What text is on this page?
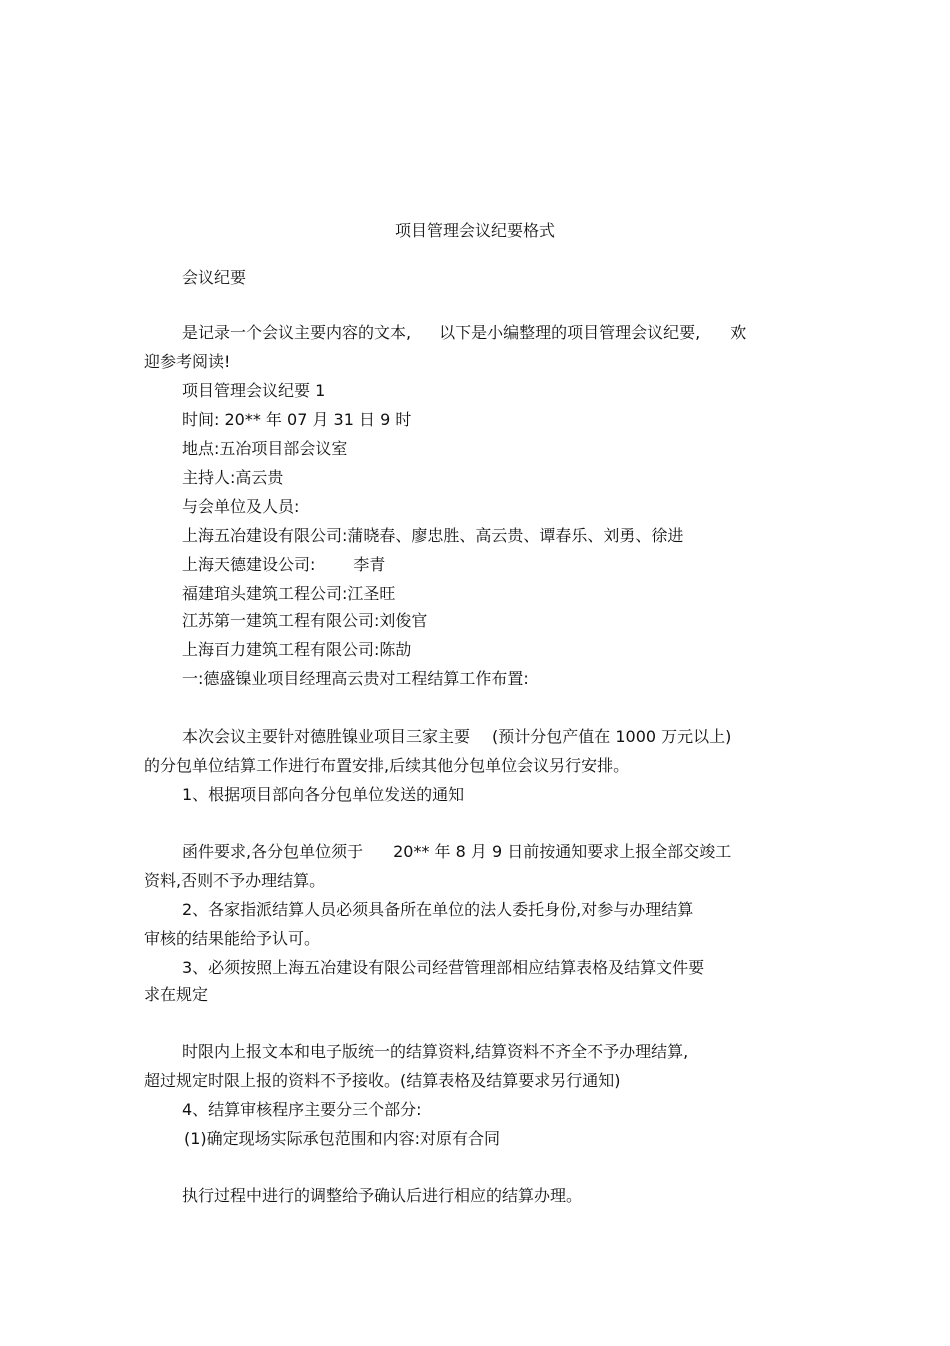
项目管理会议纪要格式
会议纪要
是记录一个会议主要内容的文本, 以下是小编整理的项目管理会议纪要, 欢
迎参考阅读!
项目管理会议纪要 1
时间: 20** 年 07 月 31 日 9 时
地点:五冶项目部会议室
主持人:高云贵
与会单位及人员:
上海五冶建设有限公司:蒲晓春、廖忠胜、高云贵、谭春乐、刘勇、徐进
上海天德建设公司: 李青
福建琯头建筑工程公司:江圣旺
江苏第一建筑工程有限公司:刘俊官
上海百力建筑工程有限公司:陈劼
一:德盛镍业项目经理高云贵对工程结算工作布置:
本次会议主要针对德胜镍业项目三家主要 (预计分包产值在 1000 万元以上)
的分包单位结算工作进行布置安排,后续其他分包单位会议另行安排。
1、根据项目部向各分包单位发送的通知
函件要求,各分包单位须于 20** 年 8 月 9 日前按通知要求上报全部交竣工
资料,否则不予办理结算。
2、各家指派结算人员必须具备所在单位的法人委托身份,对参与办理结算
审核的结果能给予认可。
3、必须按照上海五冶建设有限公司经营管理部相应结算表格及结算文件要
求在规定
时限内上报文本和电子版统一的结算资料,结算资料不齐全不予办理结算,
超过规定时限上报的资料不予接收。(结算表格及结算要求另行通知)
4、结算审核程序主要分三个部分:
(1)确定现场实际承包范围和内容:对原有合同
执行过程中进行的调整给予确认后进行相应的结算办理。
